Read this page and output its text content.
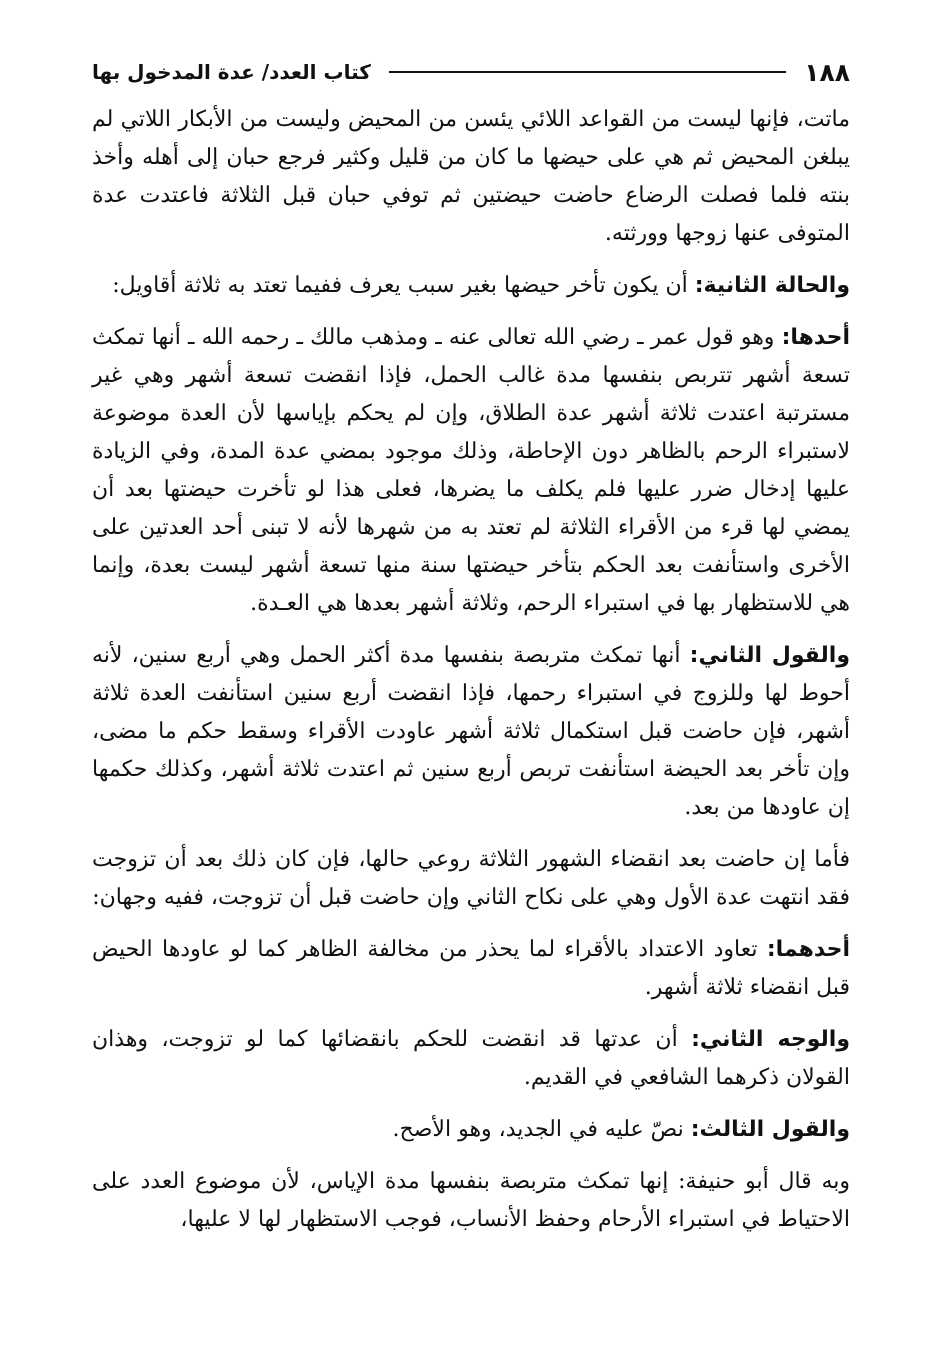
١٨٨
كتاب العدد/ عدة المدخول بها

ماتت، فإنها ليست من القواعد اللائي يئسن من المحيض وليست من الأبكار اللاتي لم يبلغن المحيض ثم هي على حيضها ما كان من قليل وكثير فرجع حبان إلى أهله وأخذ بنته فلما فصلت الرضاع حاضت حيضتين ثم توفي حبان قبل الثلاثة فاعتدت عدة المتوفى عنها زوجها وورثته.

والحالة الثانية: أن يكون تأخر حيضها بغير سبب يعرف ففيما تعتد به ثلاثة أقاويل:

أحدها: وهو قول عمر ـ رضي الله تعالى عنه ـ ومذهب مالك ـ رحمه الله ـ أنها تمكث تسعة أشهر تتربص بنفسها مدة غالب الحمل، فإذا انقضت تسعة أشهر وهي غير مسترتبة اعتدت ثلاثة أشهر عدة الطلاق، وإن لم يحكم بإياسها لأن العدة موضوعة لاستبراء الرحم بالظاهر دون الإحاطة، وذلك موجود بمضي عدة المدة، وفي الزيادة عليها إدخال ضرر عليها فلم يكلف ما يضرها، فعلى هذا لو تأخرت حيضتها بعد أن يمضي لها قرء من الأقراء الثلاثة لم تعتد به من شهرها لأنه لا تبنى أحد العدتين على الأخرى واستأنفت بعد الحكم بتأخر حيضتها سنة منها تسعة أشهر ليست بعدة، وإنما هي للاستظهار بها في استبراء الرحم، وثلاثة أشهر بعدها هي العـدة.

والقول الثاني: أنها تمكث متربصة بنفسها مدة أكثر الحمل وهي أربع سنين، لأنه أحوط لها وللزوج في استبراء رحمها، فإذا انقضت أربع سنين استأنفت العدة ثلاثة أشهر، فإن حاضت قبل استكمال ثلاثة أشهر عاودت الأقراء وسقط حكم ما مضى، وإن تأخر بعد الحيضة استأنفت تربص أربع سنين ثم اعتدت ثلاثة أشهر، وكذلك حكمها إن عاودها من بعد.

فأما إن حاضت بعد انقضاء الشهور الثلاثة روعي حالها، فإن كان ذلك بعد أن تزوجت فقد انتهت عدة الأول وهي على نكاح الثاني وإن حاضت قبل أن تزوجت، ففيه وجهان:

أحدهما: تعاود الاعتداد بالأقراء لما يحذر من مخالفة الظاهر كما لو عاودها الحيض قبل انقضاء ثلاثة أشهر.

والوجه الثاني: أن عدتها قد انقضت للحكم بانقضائها كما لو تزوجت، وهذان القولان ذكرهما الشافعي في القديم.

والقول الثالث: نصّ عليه في الجديد، وهو الأصح.

وبه قال أبو حنيفة: إنها تمكث متربصة بنفسها مدة الإياس، لأن موضوع العدد على الاحتياط في استبراء الأرحام وحفظ الأنساب، فوجب الاستظهار لها لا عليها،
